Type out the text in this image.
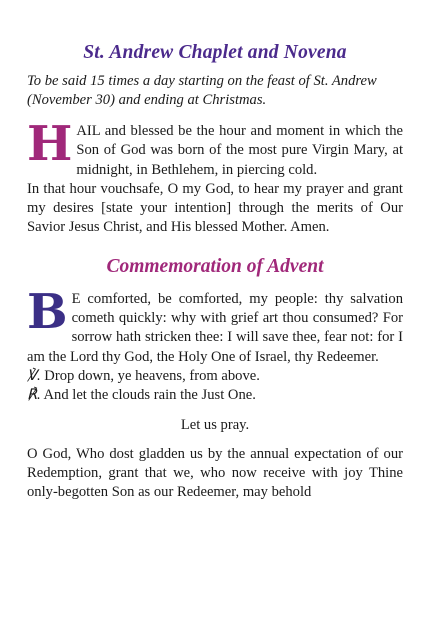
St. Andrew Chaplet and Novena

To be said 15 times a day starting on the feast of St. Andrew (November 30) and ending at Christmas.

HAIL and blessed be the hour and moment in which the Son of God was born of the most pure Virgin Mary, at midnight, in Bethlehem, in piercing cold.

In that hour vouchsafe, O my God, to hear my prayer and grant my desires [state your intention] through the merits of Our Savior Jesus Christ, and His blessed Mother. Amen.

Commemoration of Advent

B E comforted, be comforted, my people: thy salvation cometh quickly: why with grief art thou consumed? For sorrow hath stricken thee: I will save thee, fear not: for I am the Lord thy God, the Holy One of Israel, thy Redeemer.

℣. Drop down, ye heavens, from above.

℟. And let the clouds rain the Just One.

Let us pray.

O God, Who dost gladden us by the annual expectation of our Redemption, grant that we, who now receive with joy Thine only-begotten Son as our Redeemer, may behold
